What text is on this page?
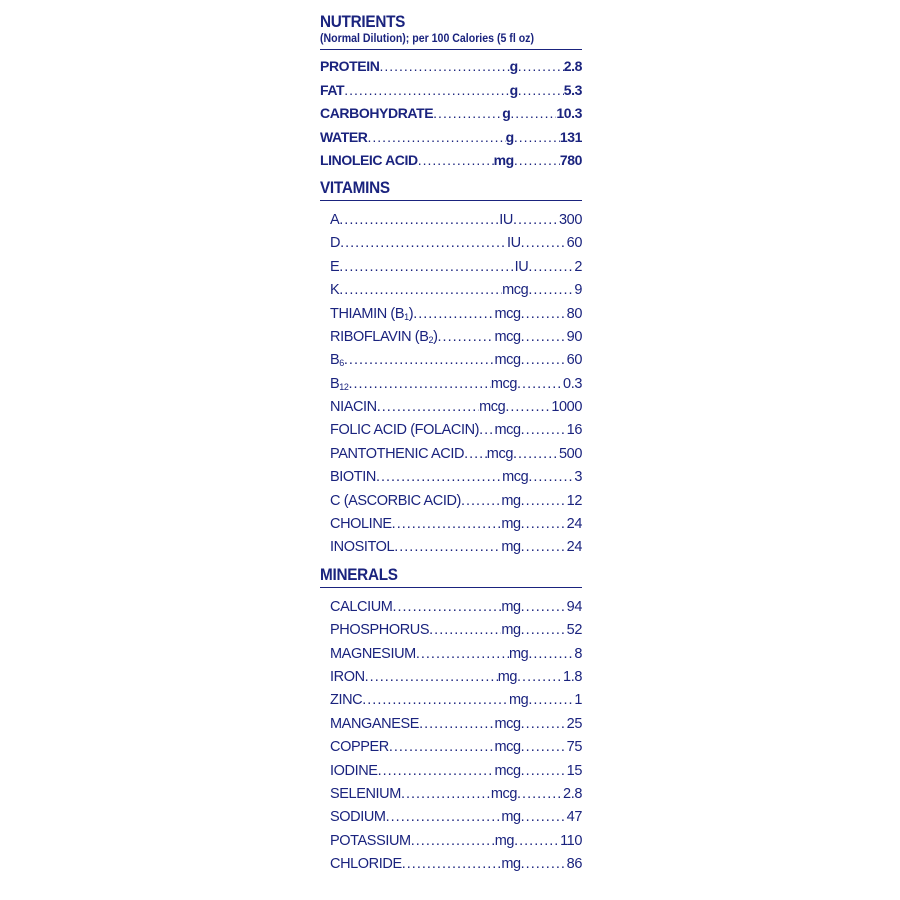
NUTRIENTS
(Normal Dilution); per 100 Calories (5 fl oz)
PROTEIN .....	g .....	2.8
FAT .....	g .....	5.3
CARBOHYDRATE .....	g .....	10.3
WATER .....	g .....	131
LINOLEIC ACID .....	mg .....	780
VITAMINS
A .....	IU .....	300
D .....	IU .....	60
E .....	IU .....	2
K .....	mcg .....	9
THIAMIN $(B_1)$ .....	mcg .....	80
RIBOFLAVIN $(B_2)$ .....	mcg .....	90
$B_6$ .....	mcg .....	60
$B_{12}$ .....	mcg .....	0.3
NIACIN .....	mcg .....	1000
FOLIC ACID (FOLACIN) ..... mcg .....	16
PANTOTHENIC ACID ..... mcg .....	500
BIOTIN .....	mcg .....	3
C (ASCORBIC ACID) .....	mg .....	12
CHOLINE .....	mg .....	24
INOSITOL .....	mg .....	24
MINERALS
CALCIUM .....	mg .....	94
PHOSPHORUS .....	mg .....	52
MAGNESIUM .....	mg .....	8
IRON .....	mg .....	1.8
ZINC .....	mg .....	1
MANGANESE .....	mcg .....	25
COPPER .....	mcg .....	75
IODINE .....	mcg .....	15
SELENIUM .....	mcg .....	2.8
SODIUM .....	mg .....	47
POTASSIUM .....	mg .....	110
CHLORIDE .....	mg .....	86
